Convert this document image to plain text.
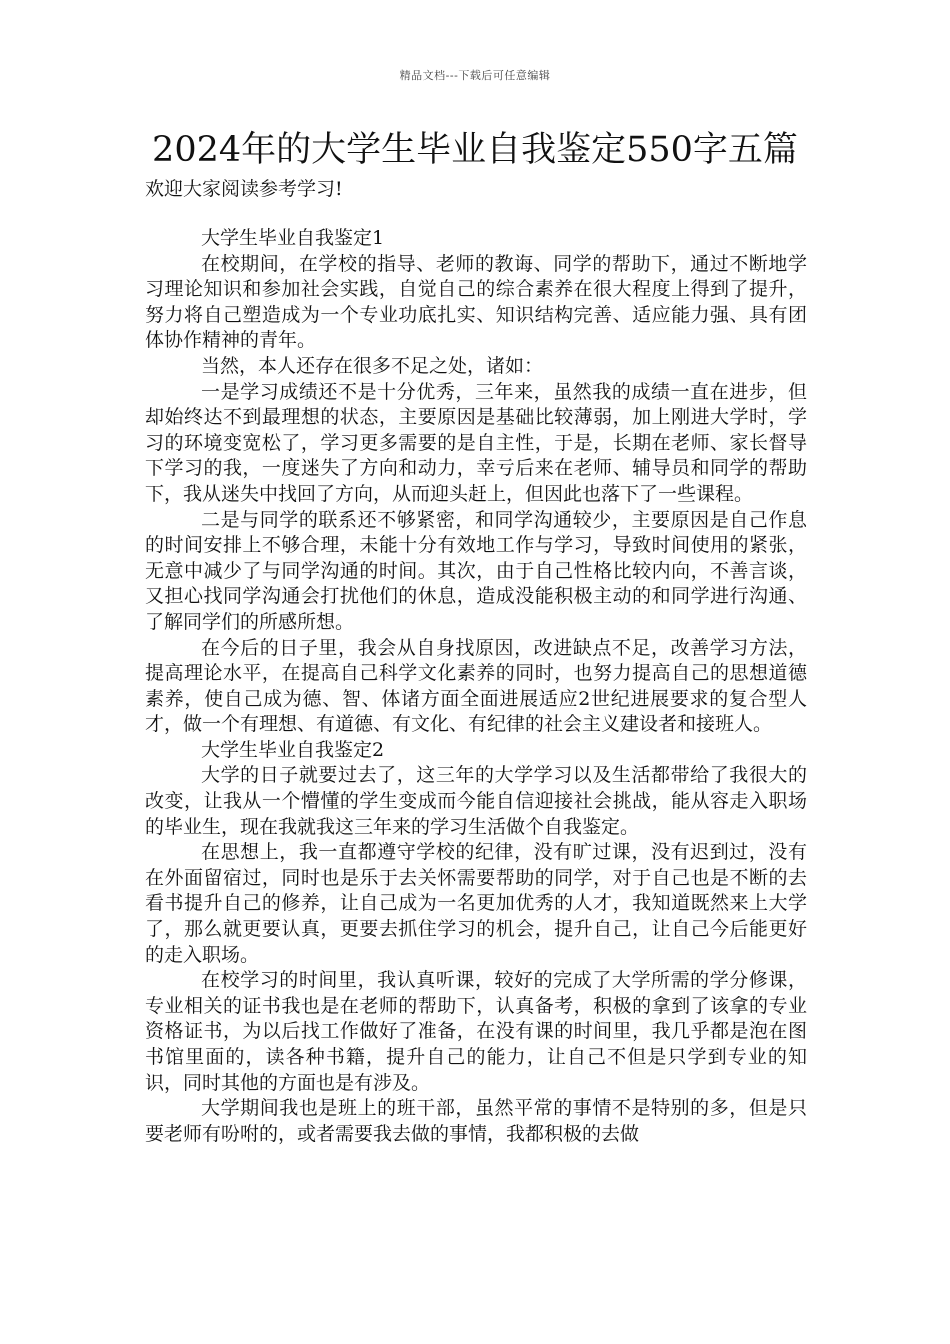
精品文档---下载后可任意编辑
2024年的大学生毕业自我鉴定550字五篇

欢迎大家阅读参考学习!

大学生毕业自我鉴定1

在校期间，在学校的指导、老师的教诲、同学的帮助下，通过不断地学习理论知识和参加社会实践，自觉自己的综合素养在很大程度上得到了提升，努力将自己塑造成为一个专业功底扎实、知识结构完善、适应能力强、具有团体协作精神的青年。

当然，本人还存在很多不足之处，诸如：

一是学习成绩还不是十分优秀，三年来，虽然我的成绩一直在进步，但却始终达不到最理想的状态，主要原因是基础比较薄弱，加上刚进大学时，学习的环境变宽松了，学习更多需要的是自主性，于是，长期在老师、家长督导下学习的我，一度迷失了方向和动力，幸亏后来在老师、辅导员和同学的帮助下，我从迷失中找回了方向，从而迎头赶上，但因此也落下了一些课程。

二是与同学的联系还不够紧密，和同学沟通较少，主要原因是自己作息的时间安排上不够合理，未能十分有效地工作与学习，导致时间使用的紧张，无意中减少了与同学沟通的时间。其次，由于自己性格比较内向，不善言谈，又担心找同学沟通会打扰他们的休息，造成没能积极主动的和同学进行沟通、了解同学们的所感所想。

在今后的日子里，我会从自身找原因，改进缺点不足，改善学习方法，提高理论水平，在提高自己科学文化素养的同时，也努力提高自己的思想道德素养，使自己成为德、智、体诸方面全面进展适应2世纪进展要求的复合型人才，做一个有理想、有道德、有文化、有纪律的社会主义建设者和接班人。

大学生毕业自我鉴定2

大学的日子就要过去了，这三年的大学学习以及生活都带给了我很大的改变，让我从一个懵懂的学生变成而今能自信迎接社会挑战，能从容走入职场的毕业生，现在我就我这三年来的学习生活做个自我鉴定。

在思想上，我一直都遵守学校的纪律，没有旷过课，没有迟到过，没有在外面留宿过，同时也是乐于去关怀需要帮助的同学，对于自己也是不断的去看书提升自己的修养，让自己成为一名更加优秀的人才，我知道既然来上大学了，那么就更要认真，更要去抓住学习的机会，提升自己，让自己今后能更好的走入职场。

在校学习的时间里，我认真听课，较好的完成了大学所需的学分修课，专业相关的证书我也是在老师的帮助下，认真备考，积极的拿到了该拿的专业资格证书，为以后找工作做好了准备，在没有课的时间里，我几乎都是泡在图书馆里面的，读各种书籍，提升自己的能力，让自己不但是只学到专业的知识，同时其他的方面也是有涉及。

大学期间我也是班上的班干部，虽然平常的事情不是特别的多，但是只要老师有吩咐的，或者需要我去做的事情，我都积极的去做
